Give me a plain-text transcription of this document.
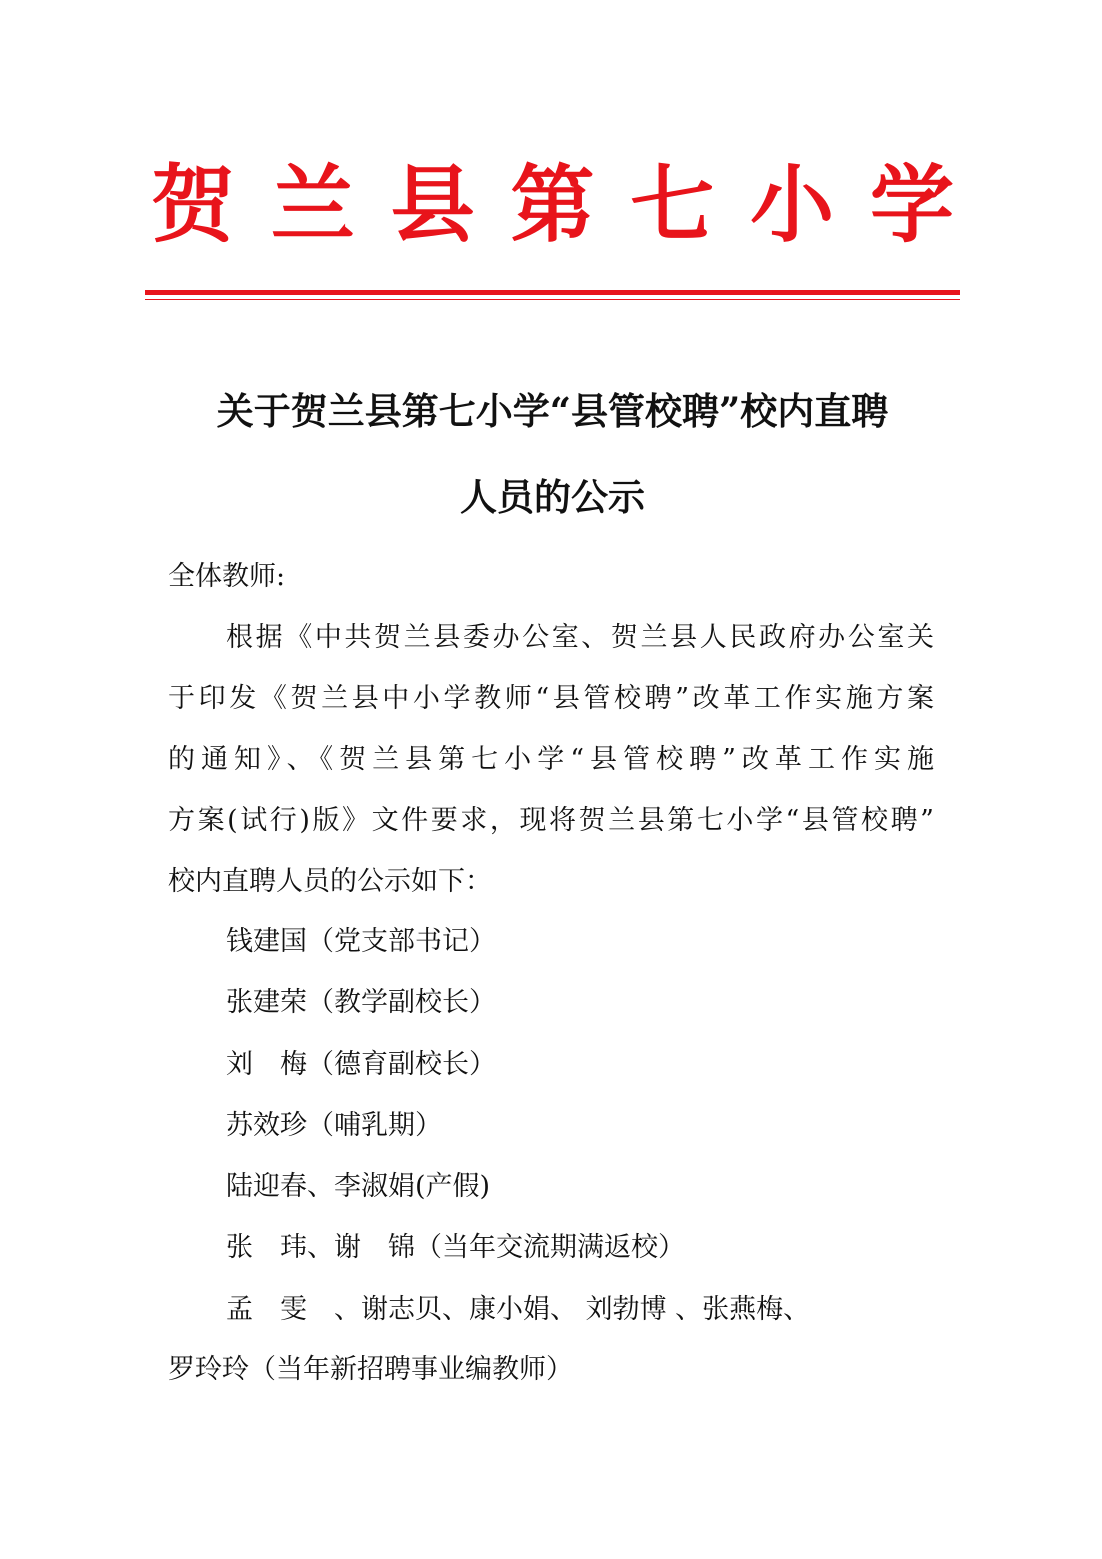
贺 兰 县 第 七 小 学
关于贺兰县第七小学“县管校聘”校内直聘
人员的公示
全体教师:
根据《中共贺兰县委办公室、贺兰县人民政府办公室关
于印发《贺兰县中小学教师“县管校聘”改革工作实施方案
的通知》、《贺兰县第七小学“县管校聘”改革工作实施
方案(试行)版》文件要求，现将贺兰县第七小学“县管校聘”
校内直聘人员的公示如下：
钱建国（党支部书记）
张建荣（教学副校长）
刘　梅（德育副校长）
苏效珍（哺乳期）
陆迎春、李淑娟(产假)
张　玮、谢　锦（当年交流期满返校）
孟　雯　、谢志贝、康小娟、 刘勃博 、张燕梅、
罗玲玲（当年新招聘事业编教师）
